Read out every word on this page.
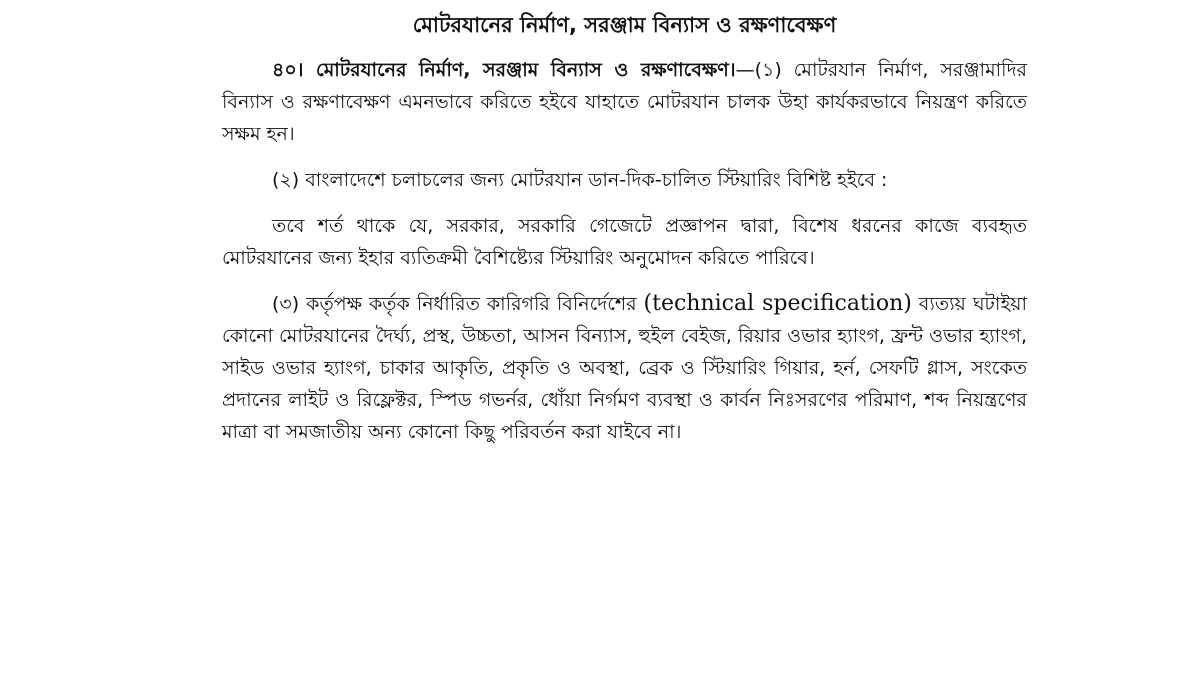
মোটরযানের নির্মাণ, সরঞ্জাম বিন্যাস ও রক্ষণাবেক্ষণ

৪০। মোটরযানের নির্মাণ, সরঞ্জাম বিন্যাস ও রক্ষণাবেক্ষণ।—(১) মোটরযান নির্মাণ, সরঞ্জামাদির বিন্যাস ও রক্ষণাবেক্ষণ এমনভাবে করিতে হইবে যাহাতে মোটরযান চালক উহা কার্যকরভাবে নিয়ন্ত্রণ করিতে সক্ষম হন।

(২) বাংলাদেশে চলাচলের জন্য মোটরযান ডান-দিক-চালিত স্টিয়ারিং বিশিষ্ট হইবে :

তবে শর্ত থাকে যে, সরকার, সরকারি গেজেটে প্রজ্ঞাপন দ্বারা, বিশেষ ধরনের কাজে ব্যবহৃত মোটরযানের জন্য ইহার ব্যতিক্রমী বৈশিষ্ট্যের স্টিয়ারিং অনুমোদন করিতে পারিবে।

(৩) কর্তৃপক্ষ কর্তৃক নির্ধারিত কারিগরি বিনির্দেশের (technical specification) ব্যত্যয় ঘটাইয়া কোনো মোটরযানের দৈর্ঘ্য, প্রস্থ, উচ্চতা, আসন বিন্যাস, হুইল বেইজ, রিয়ার ওভার হ্যাংগ, ফ্রন্ট ওভার হ্যাংগ, সাইড ওভার হ্যাংগ, চাকার আকৃতি, প্রকৃতি ও অবস্থা, ব্রেক ও স্টিয়ারিং গিয়ার, হর্ন, সেফটি গ্লাস, সংকেত প্রদানের লাইট ও রিফ্লেক্টর, স্পিড গভর্নর, ধোঁয়া নির্গমণ ব্যবস্থা ও কার্বন নিঃসরণের পরিমাণ, শব্দ নিয়ন্ত্রণের মাত্রা বা সমজাতীয় অন্য কোনো কিছু পরিবর্তন করা যাইবে না।
